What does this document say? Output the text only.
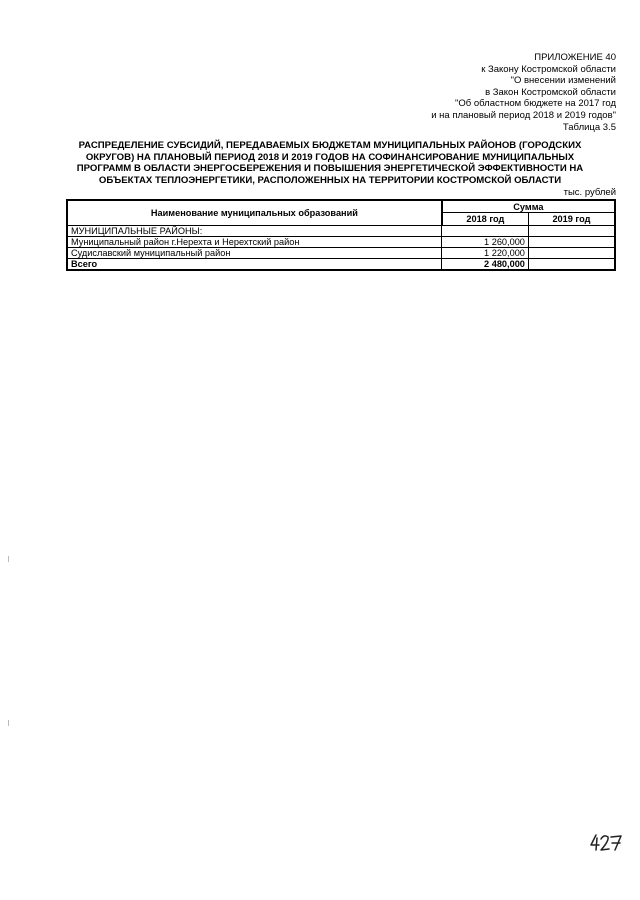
ПРИЛОЖЕНИЕ 40
к Закону Костромской области
"О внесении изменений
в Закон Костромской области
"Об областном бюджете на 2017 год
и на плановый период 2018 и 2019 годов"
Таблица 3.5
РАСПРЕДЕЛЕНИЕ СУБСИДИЙ, ПЕРЕДАВАЕМЫХ БЮДЖЕТАМ МУНИЦИПАЛЬНЫХ РАЙОНОВ (ГОРОДСКИХ
ОКРУГОВ) НА ПЛАНОВЫЙ ПЕРИОД 2018 И 2019 ГОДОВ НА СОФИНАНСИРОВАНИЕ МУНИЦИПАЛЬНЫХ
ПРОГРАММ В ОБЛАСТИ ЭНЕРГОСБЕРЕЖЕНИЯ И ПОВЫШЕНИЯ ЭНЕРГЕТИЧЕСКОЙ ЭФФЕКТИВНОСТИ НА
ОБЪЕКТАХ ТЕПЛОЭНЕРГЕТИКИ, РАСПОЛОЖЕННЫХ НА ТЕРРИТОРИИ КОСТРОМСКОЙ ОБЛАСТИ
тыс. рублей
Наименование муниципальных образований	Сумма	
	2018 год	2019 год
МУНИЦИПАЛЬНЫЕ РАЙОНЫ:		
Муниципальный район г.Нерехта и Нерехтский район	1 260,000	
Судиславский муниципальный район	1 220,000	
Всего	2 480,000	
